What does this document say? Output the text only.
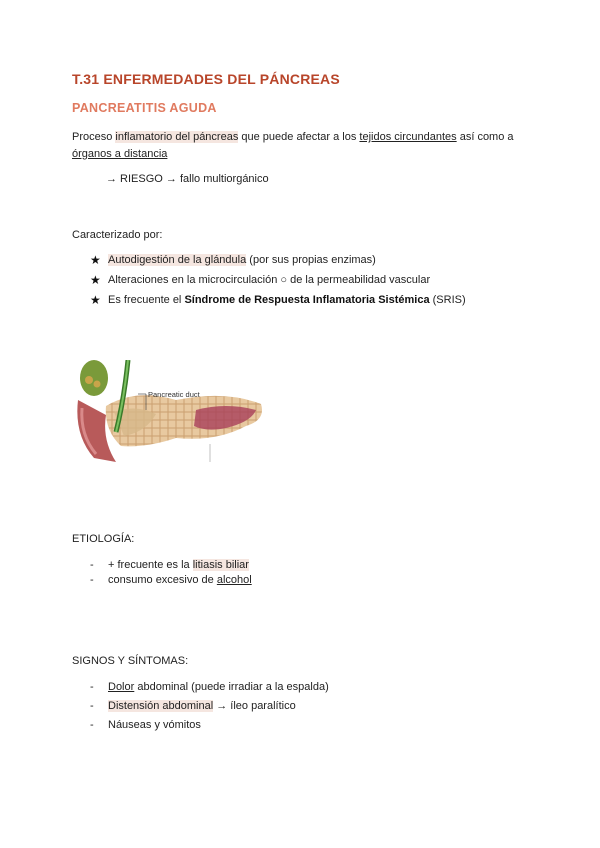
T.31 ENFERMEDADES DEL PÁNCREAS
PANCREATITIS AGUDA
Proceso inflamatorio del páncreas que puede afectar a los tejidos circundantes así como a órganos a distancia
→ RIESGO → fallo multiorgánico
Caracterizado por:
★ Autodigestión de la glándula (por sus propias enzimas)
★ Alteraciones en la microcirculación ○ de la permeabilidad vascular
★ Es frecuente el Síndrome de Respuesta Inflamatoria Sistémica (SRIS)
Pancreatic duct
ETIOLOGÍA:
-	+ frecuente es la litiasis biliar
-	consumo excesivo de alcohol
SIGNOS Y SÍNTOMAS:
-	Dolor abdominal (puede irradiar a la espalda)
-	Distensión abdominal → íleo paralítico
-	Náuseas y vómitos
